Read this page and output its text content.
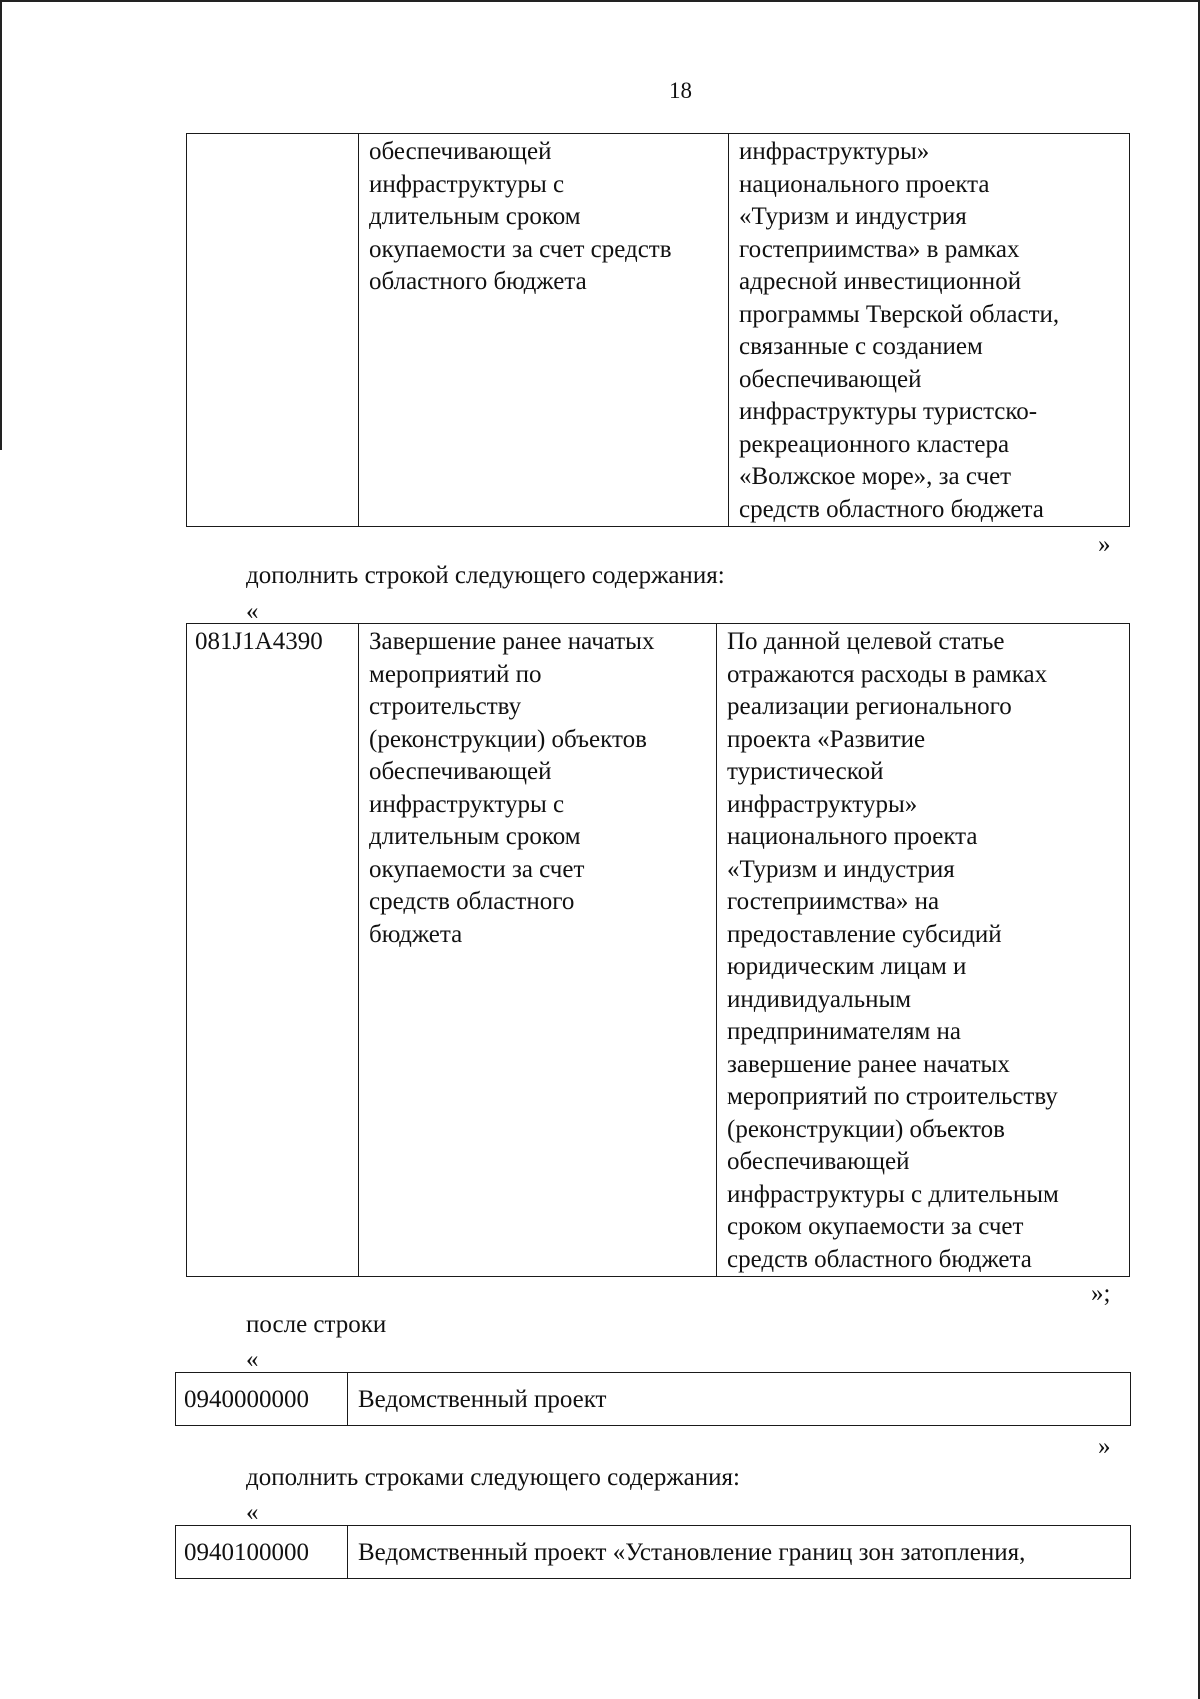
18
	обеспечивающей
инфраструктуры с
длительным сроком
окупаемости за счет средств
областного бюджета	инфраструктуры»
национального проекта
«Туризм и индустрия
гостеприимства» в рамках
адресной инвестиционной
программы Тверской области,
связанные с созданием
обеспечивающей
инфраструктуры туристско-
рекреационного кластера
«Волжское море», за счет
средств областного бюджета
»
дополнить строкой следующего содержания:
«
081J1A4390	Завершение ранее начатых
мероприятий по
строительству
(реконструкции) объектов
обеспечивающей
инфраструктуры с
длительным сроком
окупаемости за счет
средств областного
бюджета	По данной целевой статье
отражаются расходы в рамках
реализации регионального
проекта «Развитие
туристической
инфраструктуры»
национального проекта
«Туризм и индустрия
гостеприимства» на
предоставление субсидий
юридическим лицам и
индивидуальным
предпринимателям на
завершение ранее начатых
мероприятий по строительству
(реконструкции) объектов
обеспечивающей
инфраструктуры с длительным
сроком окупаемости за счет
средств областного бюджета
»;
после строки
«
0940000000	Ведомственный проект
»
дополнить строками следующего содержания:
«
0940100000	Ведомственный проект «Установление границ зон затопления,
